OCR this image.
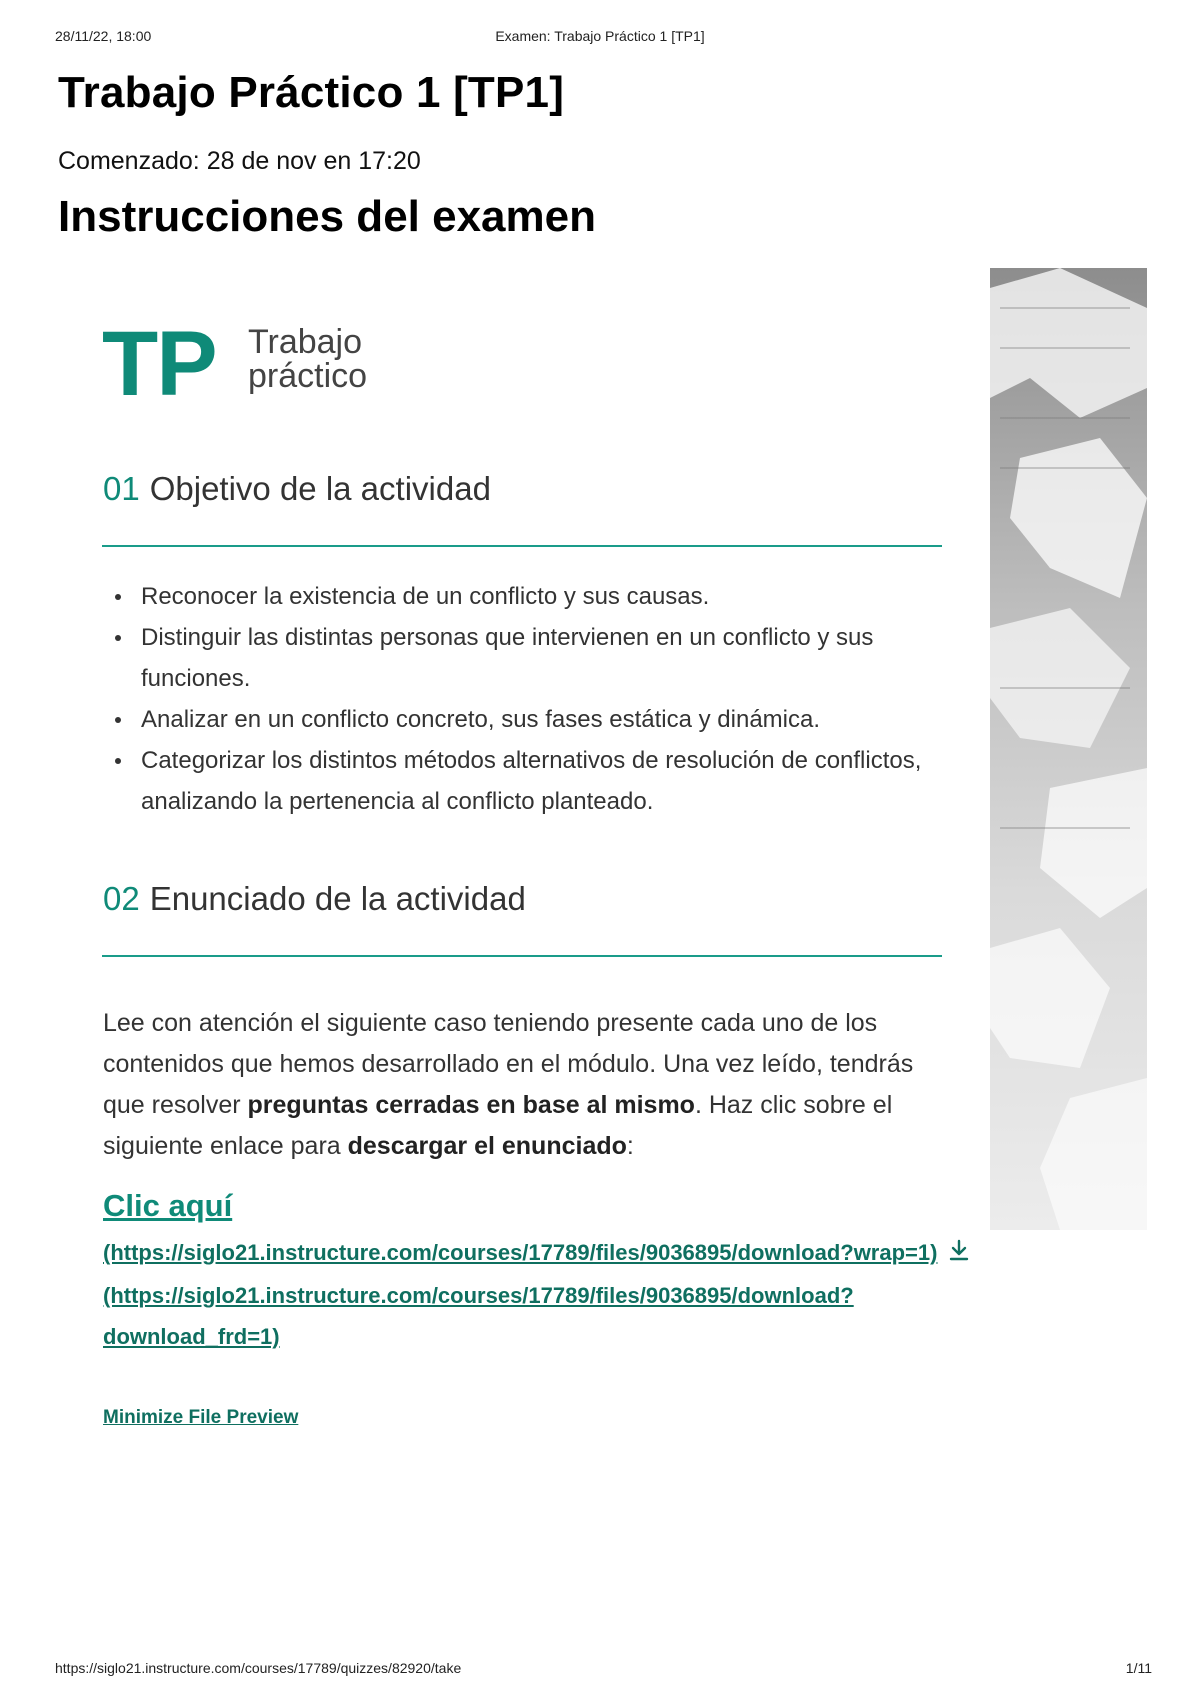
28/11/22, 18:00	Examen: Trabajo Práctico 1 [TP1]
Trabajo Práctico 1 [TP1]
Comenzado: 28 de nov en 17:20
Instrucciones del examen
TP Trabajo
práctico
01 Objetivo de la actividad
Reconocer la existencia de un conflicto y sus causas.
Distinguir las distintas personas que intervienen en un conflicto y sus funciones.
Analizar en un conflicto concreto, sus fases estática y dinámica.
Categorizar los distintos métodos alternativos de resolución de conflictos, analizando la pertenencia al conflicto planteado.
02 Enunciado de la actividad

Lee con atención el siguiente caso teniendo presente cada uno de los contenidos que hemos desarrollado en el módulo. Una vez leído, tendrás que resolver preguntas cerradas en base al mismo. Haz clic sobre el siguiente enlace para descargar el enunciado:

Clic aquí
(https://siglo21.instructure.com/courses/17789/files/9036895/download?wrap=1)
(https://siglo21.instructure.com/courses/17789/files/9036895/download?download_frd=1)
Minimize File Preview
https://siglo21.instructure.com/courses/17789/quizzes/82920/take	1/11
